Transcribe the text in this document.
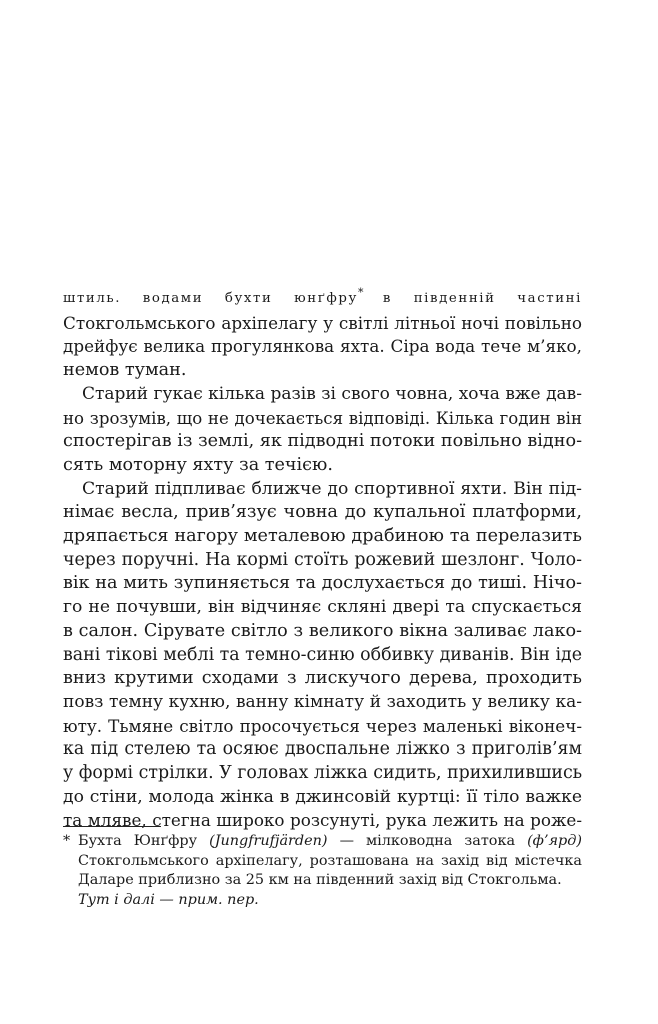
штиль. водами бухти юнґфру* в південній частині
Стокгольмського архіпелагу у світлі літньої ночі повільно
дрейфує велика прогулянкова яхта. Сіра вода тече м’яко,
немов туман.
Старий гукає кілька разів зі свого човна, хоча вже дав-
но зрозумів, що не дочекається відповіді. Кілька годин він
спостерігав із землі, як підводні потоки повільно відно-
сять моторну яхту за течією.
Старий підпливає ближче до спортивної яхти. Він під-
німає весла, прив’язує човна до купальної платформи,
дряпається нагору металевою драбиною та перелазить
через поручні. На кормі стоїть рожевий шезлонг. Чоло-
вік на мить зупиняється та дослухається до тиші. Нічо-
го не почувши, він відчиняє скляні двері та спускається
в салон. Сірувате світло з великого вікна заливає лако-
вані тікові меблі та темно-синю оббивку диванів. Він іде
вниз крутими сходами з лискучого дерева, проходить
повз темну кухню, ванну кімнату й заходить у велику ка-
юту. Тьмяне світло просочується через маленькі віконеч-
ка під стелею та осяює двоспальне ліжко з приголів’ям
у формі стрілки. У головах ліжка сидить, прихилившись
до стіни, молода жінка в джинсовій куртці: її тіло важке
та мляве, стегна широко розсунуті, рука лежить на роже-
* Бухта Юнґфру (Jungfrufjärden) — мілководна затока (ф’ярд)
Стокгольмського архіпелагу, розташована на захід від містечка
Даларе приблизно за 25 км на південний захід від Стокгольма.
Тут і далі — прим. пер.
